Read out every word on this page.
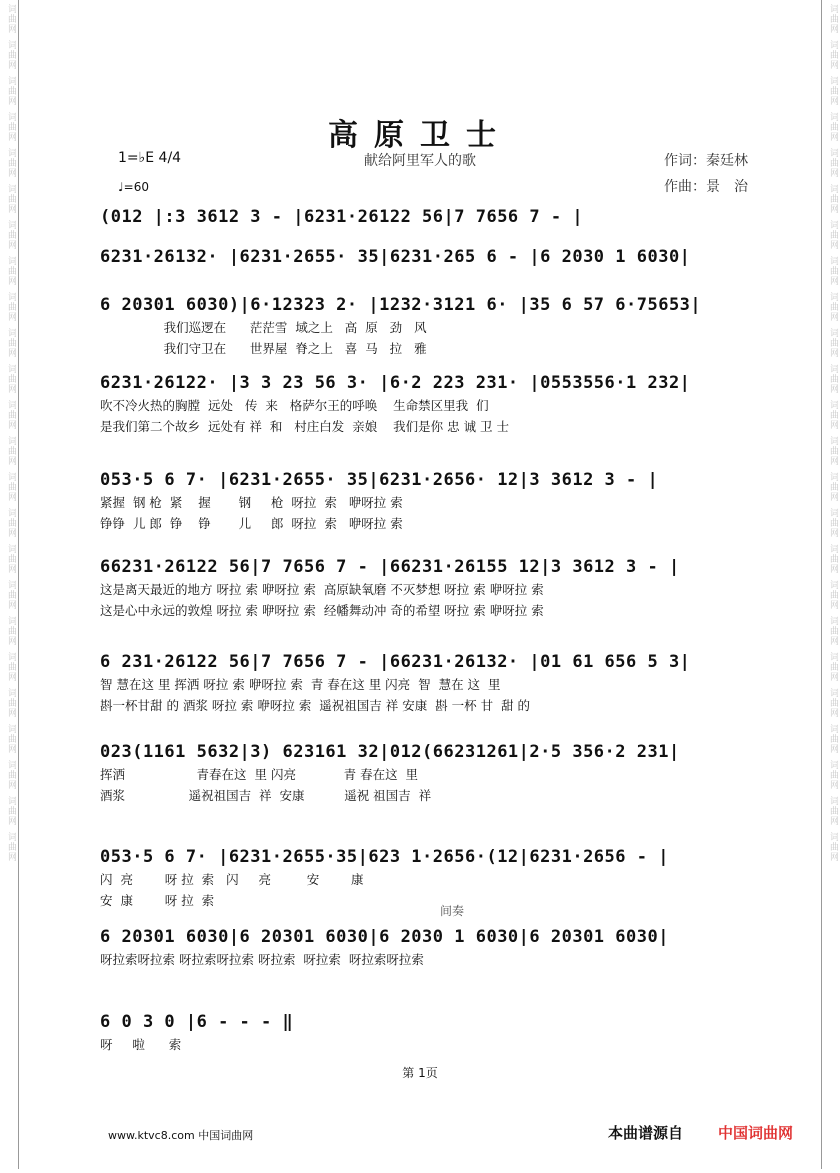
词曲网
词曲网
词曲网
词曲网
词曲网
词曲网
词曲网
词曲网
词曲网
词曲网
词曲网
词曲网
词曲网
词曲网
词曲网
词曲网
词曲网
词曲网
词曲网
词曲网
词曲网
词曲网
词曲网
词曲网
词曲网
词曲网
词曲网
词曲网
词曲网
词曲网
词曲网
词曲网
词曲网
词曲网
词曲网
词曲网
词曲网
词曲网
词曲网
词曲网
词曲网
词曲网
词曲网
词曲网
词曲网
词曲网
词曲网
词曲网
高原卫士
献给阿里军人的歌
1=♭E 4/4
♩=60
作词：秦廷林
作曲：景　治
(012 |:3 3612 3 - |6231·26122 56|7 7656 7 - |
6231·26132· |6231·2655· 35|6231·265 6 - |6 2030 1 6030|
6 20301 6030)|6·12323 2· |1232·3121 6· |35 6 57 6·75653|
我们巡逻在      茫茫雪  域之上   高  原   劲   风
我们守卫在      世界屋  脊之上   喜  马   拉   雅
6231·26122· |3 3 23 56 3· |6·2 223 231· |0553556·1 232|
吹不冷火热的胸膛  远处   传  来   格萨尔王的呼唤    生命禁区里我  们
是我们第二个故乡  远处有 祥  和   村庄白发  亲娘    我们是你 忠 诚 卫 士
053·5 6 7· |6231·2655· 35|6231·2656· 12|3 3612 3 - |
紧握  钢 枪  紧    握       钢     枪  呀拉  索   咿呀拉 索
铮铮  儿 郎  铮    铮       儿     郎  呀拉  索   咿呀拉 索
66231·26122 56|7 7656 7 - |66231·26155 12|3 3612 3 - |
这是离天最近的地方 呀拉 索 咿呀拉 索  高原缺氧磨 不灭梦想 呀拉 索 咿呀拉 索
这是心中永远的敦煌 呀拉 索 咿呀拉 索  经幡舞动冲 奇的希望 呀拉 索 咿呀拉 索
6 231·26122 56|7 7656 7 - |66231·26132· |01 61 656 5 3|
智 慧在这 里 挥洒 呀拉 索 咿呀拉 索  青 春在这 里 闪亮  智  慧在 这  里
斟一杯甘甜 的 酒浆 呀拉 索 咿呀拉 索  遥祝祖国吉 祥 安康  斟 一杯 甘  甜 的
023(1161 5632|3) 623161 32|012(66231261|2·5 356·2 231|
挥洒                  青春在这  里 闪亮            青 春在这  里
酒浆                遥祝祖国吉  祥  安康          遥祝 祖国吉  祥
053·5 6 7· |6231·2655·35|623 1·2656·(12|6231·2656 - |
闪  亮        呀 拉  索   闪     亮         安        康
安  康        呀 拉  索
6 20301 6030|6 20301 6030|6 2030 1 6030|6 20301 6030|
呀拉索呀拉索 呀拉索呀拉索 呀拉索  呀拉索  呀拉索呀拉索
6 0 3 0 |6 - - - ‖
呀     啦      索
间奏
第 1页
www.ktvc8.com 中国词曲网	本曲谱源自 中国词曲网
